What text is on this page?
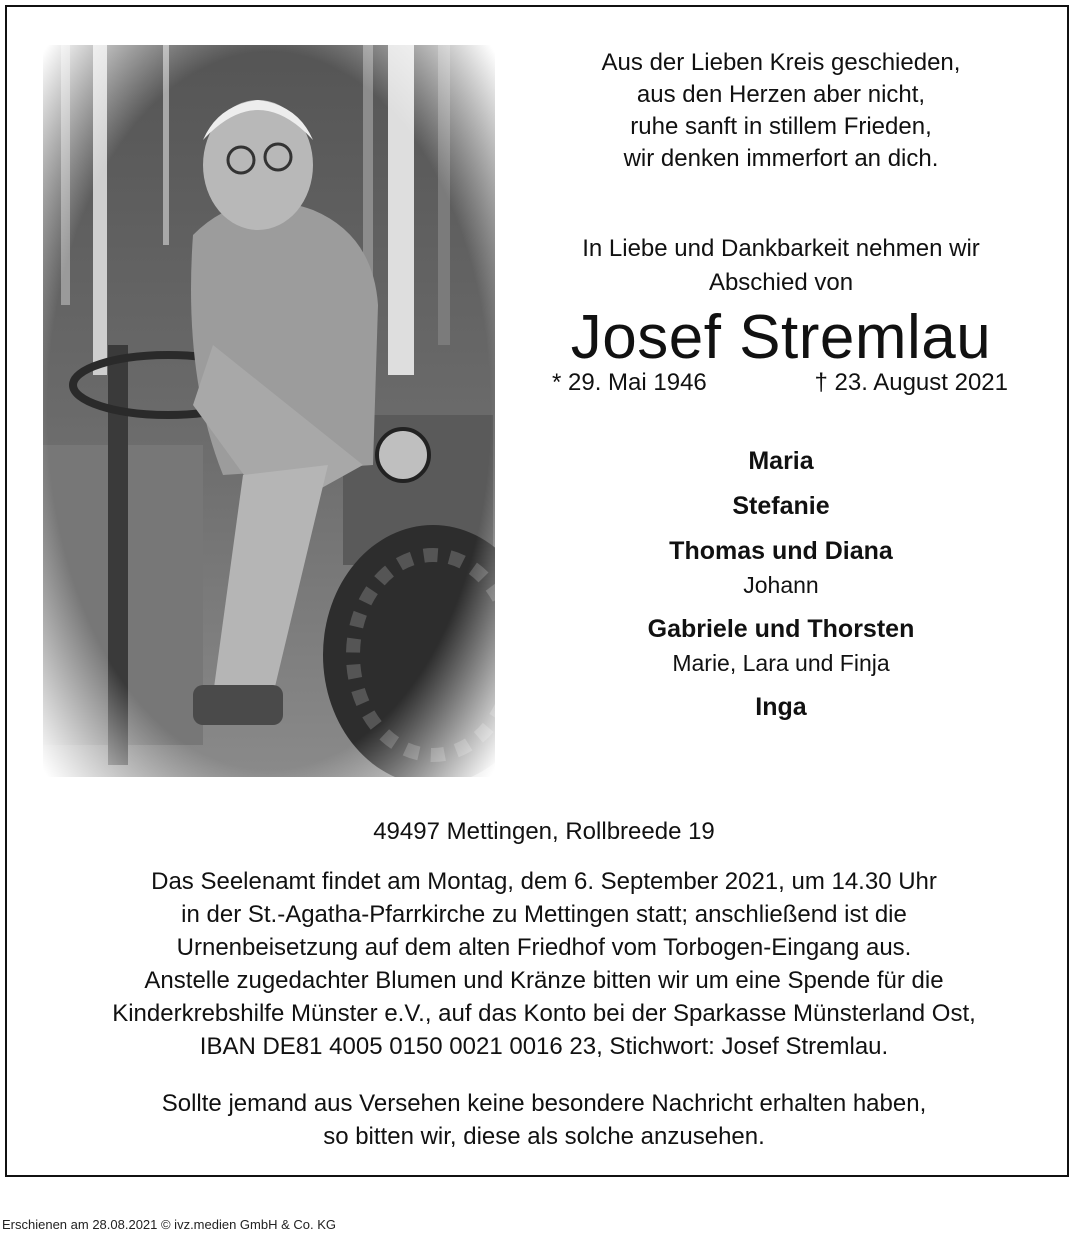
Aus der Lieben Kreis geschieden,
aus den Herzen aber nicht,
ruhe sanft in stillem Frieden,
wir denken immerfort an dich.
In Liebe und Dankbarkeit nehmen wir
Abschied von
Josef Stremlau
* 29. Mai 1946	† 23. August 2021
Maria
Stefanie
Thomas und Diana
Johann
Gabriele und Thorsten
Marie, Lara und Finja
Inga
49497 Mettingen, Rollbreede 19
Das Seelenamt findet am Montag, dem 6. September 2021, um 14.30 Uhr
in der St.-Agatha-Pfarrkirche zu Mettingen statt; anschließend ist die
Urnenbeisetzung auf dem alten Friedhof vom Torbogen-Eingang aus.
Anstelle zugedachter Blumen und Kränze bitten wir um eine Spende für die
Kinderkrebshilfe Münster e.V., auf das Konto bei der Sparkasse Münsterland Ost,
IBAN DE81 4005 0150 0021 0016 23, Stichwort: Josef Stremlau.
Sollte jemand aus Versehen keine besondere Nachricht erhalten haben,
so bitten wir, diese als solche anzusehen.
Erschienen am 28.08.2021 © ivz.medien GmbH & Co. KG
